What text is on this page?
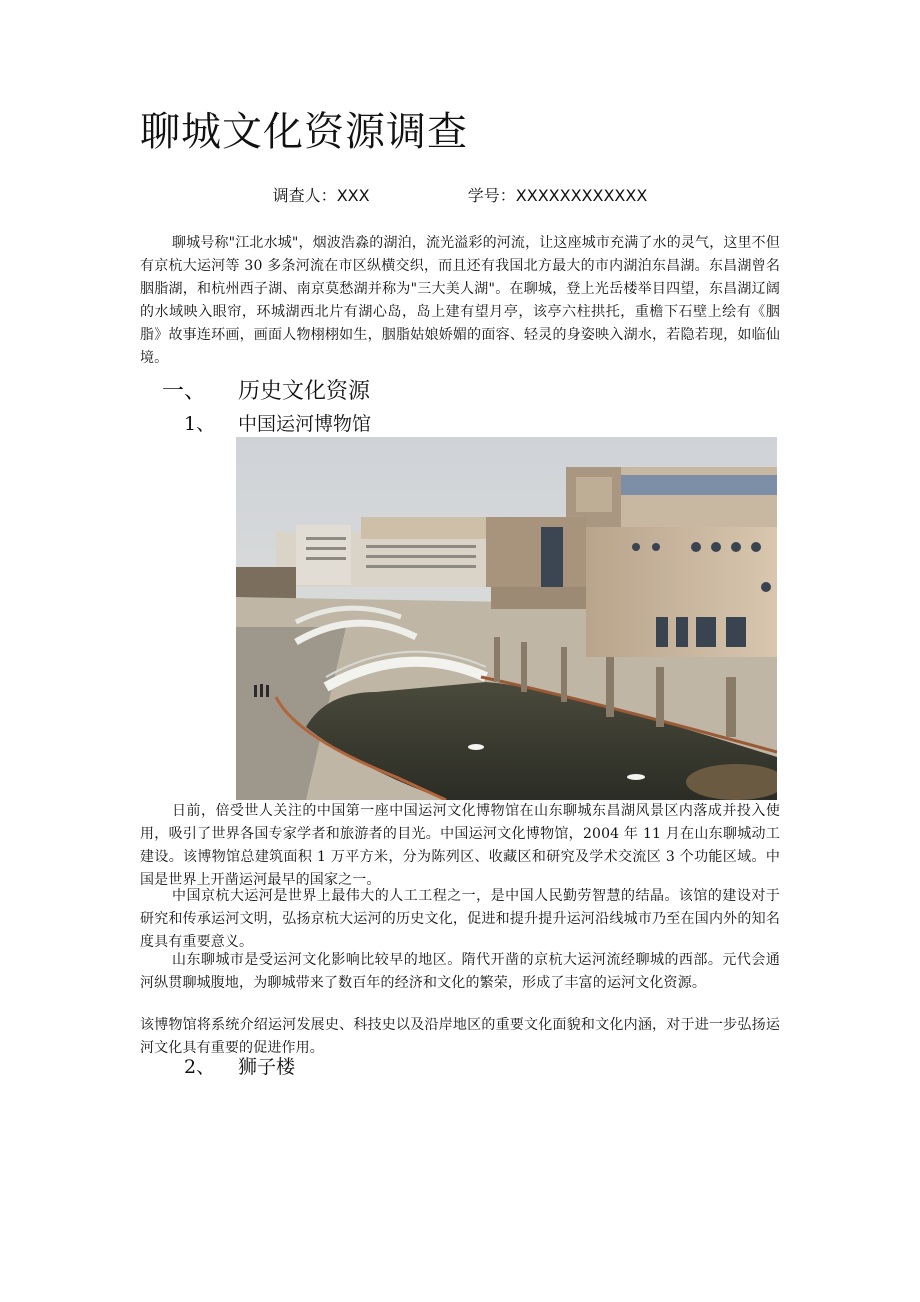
聊城文化资源调查
调查人：XXX	学号：XXXXXXXXXXXX

聊城号称"江北水城"，烟波浩淼的湖泊，流光溢彩的河流，让这座城市充满了水的灵气，这里不但有京杭大运河等 30 多条河流在市区纵横交织，而且还有我国北方最大的市内湖泊东昌湖。东昌湖曾名胭脂湖，和杭州西子湖、南京莫愁湖并称为"三大美人湖"。在聊城，登上光岳楼举目四望，东昌湖辽阔的水域映入眼帘，环城湖西北片有湖心岛，岛上建有望月亭，该亭六柱拱托，重檐下石壁上绘有《胭脂》故事连环画，画面人物栩栩如生，胭脂姑娘娇媚的面容、轻灵的身姿映入湖水，若隐若现，如临仙境。

一、 历史文化资源
1、 中国运河博物馆

日前，倍受世人关注的中国第一座中国运河文化博物馆在山东聊城东昌湖风景区内落成并投入使用，吸引了世界各国专家学者和旅游者的目光。中国运河文化博物馆，2004 年 11 月在山东聊城动工建设。该博物馆总建筑面积 1 万平方米，分为陈列区、收藏区和研究及学术交流区 3 个功能区域。中国是世界上开凿运河最早的国家之一。

中国京杭大运河是世界上最伟大的人工工程之一，是中国人民勤劳智慧的结晶。该馆的建设对于研究和传承运河文明，弘扬京杭大运河的历史文化，促进和提升提升运河沿线城市乃至在国内外的知名度具有重要意义。

山东聊城市是受运河文化影响比较早的地区。隋代开凿的京杭大运河流经聊城的西部。元代会通河纵贯聊城腹地，为聊城带来了数百年的经济和文化的繁荣，形成了丰富的运河文化资源。

该博物馆将系统介绍运河发展史、科技史以及沿岸地区的重要文化面貌和文化内涵，对于进一步弘扬运河文化具有重要的促进作用。

2、 狮子楼
